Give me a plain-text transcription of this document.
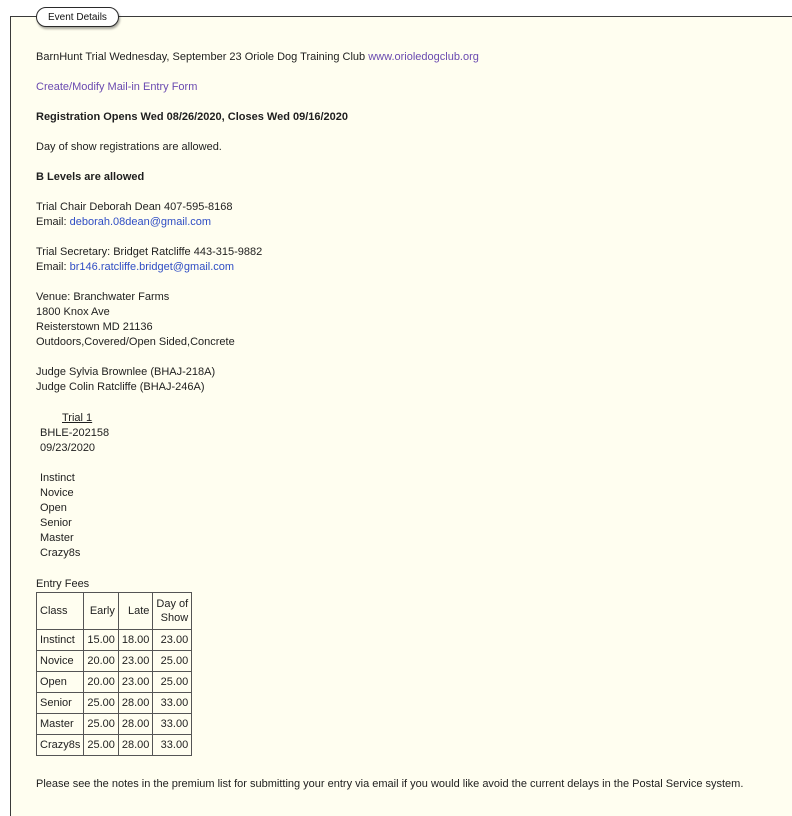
Event Details
BarnHunt Trial Wednesday, September 23 Oriole Dog Training Club www.orioledogclub.org
Create/Modify Mail-in Entry Form
Registration Opens Wed 08/26/2020, Closes Wed 09/16/2020
Day of show registrations are allowed.
B Levels are allowed
Trial Chair Deborah Dean 407-595-8168
Email: deborah.08dean@gmail.com
Trial Secretary: Bridget Ratcliffe 443-315-9882
Email: br146.ratcliffe.bridget@gmail.com
Venue: Branchwater Farms
1800 Knox Ave
Reisterstown MD 21136
Outdoors,Covered/Open Sided,Concrete
Judge Sylvia Brownlee (BHAJ-218A)
Judge Colin Ratcliffe (BHAJ-246A)
Trial 1
BHLE-202158
09/23/2020
Instinct
Novice
Open
Senior
Master
Crazy8s
Entry Fees
Class	Early	Late	Day of
Show
Instinct	15.00	18.00	23.00
Novice	20.00	23.00	25.00
Open	20.00	23.00	25.00
Senior	25.00	28.00	33.00
Master	25.00	28.00	33.00
Crazy8s	25.00	28.00	33.00
Please see the notes in the premium list for submitting your entry via email if you would like avoid the current delays in the Postal Service system.
